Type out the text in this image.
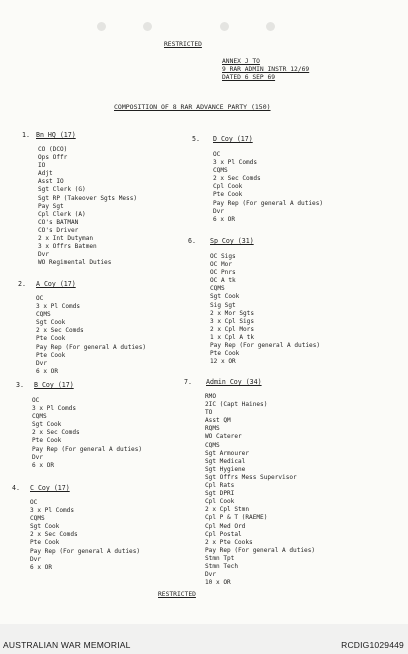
RESTRICTED
ANNEX J TO
9 RAR ADMIN INSTR 12/69
DATED 6 SEP 69
COMPOSITION OF 8 RAR ADVANCE PARTY (150)
1. Bn HQ (17)
CO (DCO)
Ops Offr
IO
Adjt
Asst IO
Sgt Clerk (G)
Sgt RP (Takeover Sgts Mess)
Pay Sgt
Cpl Clerk (A)
CO's BATMAN
CO's Driver
2 x Int Dutyman
3 x Offrs Batmen
Dvr
WO Regimental Duties
2. A Coy (17)
OC
3 x Pl Comds
CQMS
Sgt Cook
2 x Sec Comds
Pte Cook
Pay Rep (For general A duties)
Pte Cook
Dvr
6 x OR
3. B Coy (17)
OC
3 x Pl Comds
CQMS
Sgt Cook
2 x Sec Comds
Pte Cook
Pay Rep (For general A duties)
Dvr
6 x OR
4. C Coy (17)
OC
3 x Pl Comds
CQMS
Sgt Cook
2 x Sec Comds
Pte Cook
Pay Rep (For general A duties)
Dvr
6 x OR
5. D Coy (17)
OC
3 x Pl Comds
CQMS
2 x Sec Comds
Cpl Cook
Pte Cook
Pay Rep (For general A duties)
Dvr
6 x OR
6. Sp Coy (31)
OC Sigs
OC Mor
OC Pnrs
OC A tk
CQMS
Sgt Cook
Sig Sgt
2 x Mor Sgts
3 x Cpl Sigs
2 x Cpl Mors
1 x Cpl A tk
Pay Rep (For general A duties)
Pte Cook
12 x OR
7. Admin Coy (34)
RMO
2IC (Capt Haines)
TO
Asst QM
RQMS
WO Caterer
CQMS
Sgt Armourer
Sgt Medical
Sgt Hygiene
Sgt Offrs Mess Supervisor
Cpl Rats
Sgt DPRI
Cpl Cook
2 x Cpl Stmn
Cpl P & T (RAEME)
Cpl Med Ord
Cpl Postal
2 x Pte Cooks
Pay Rep (For general A duties)
Stmn Tpt
Stmn Tech
Dvr
10 x OR
RESTRICTED
AUSTRALIAN WAR MEMORIAL	RCDIG1029449
